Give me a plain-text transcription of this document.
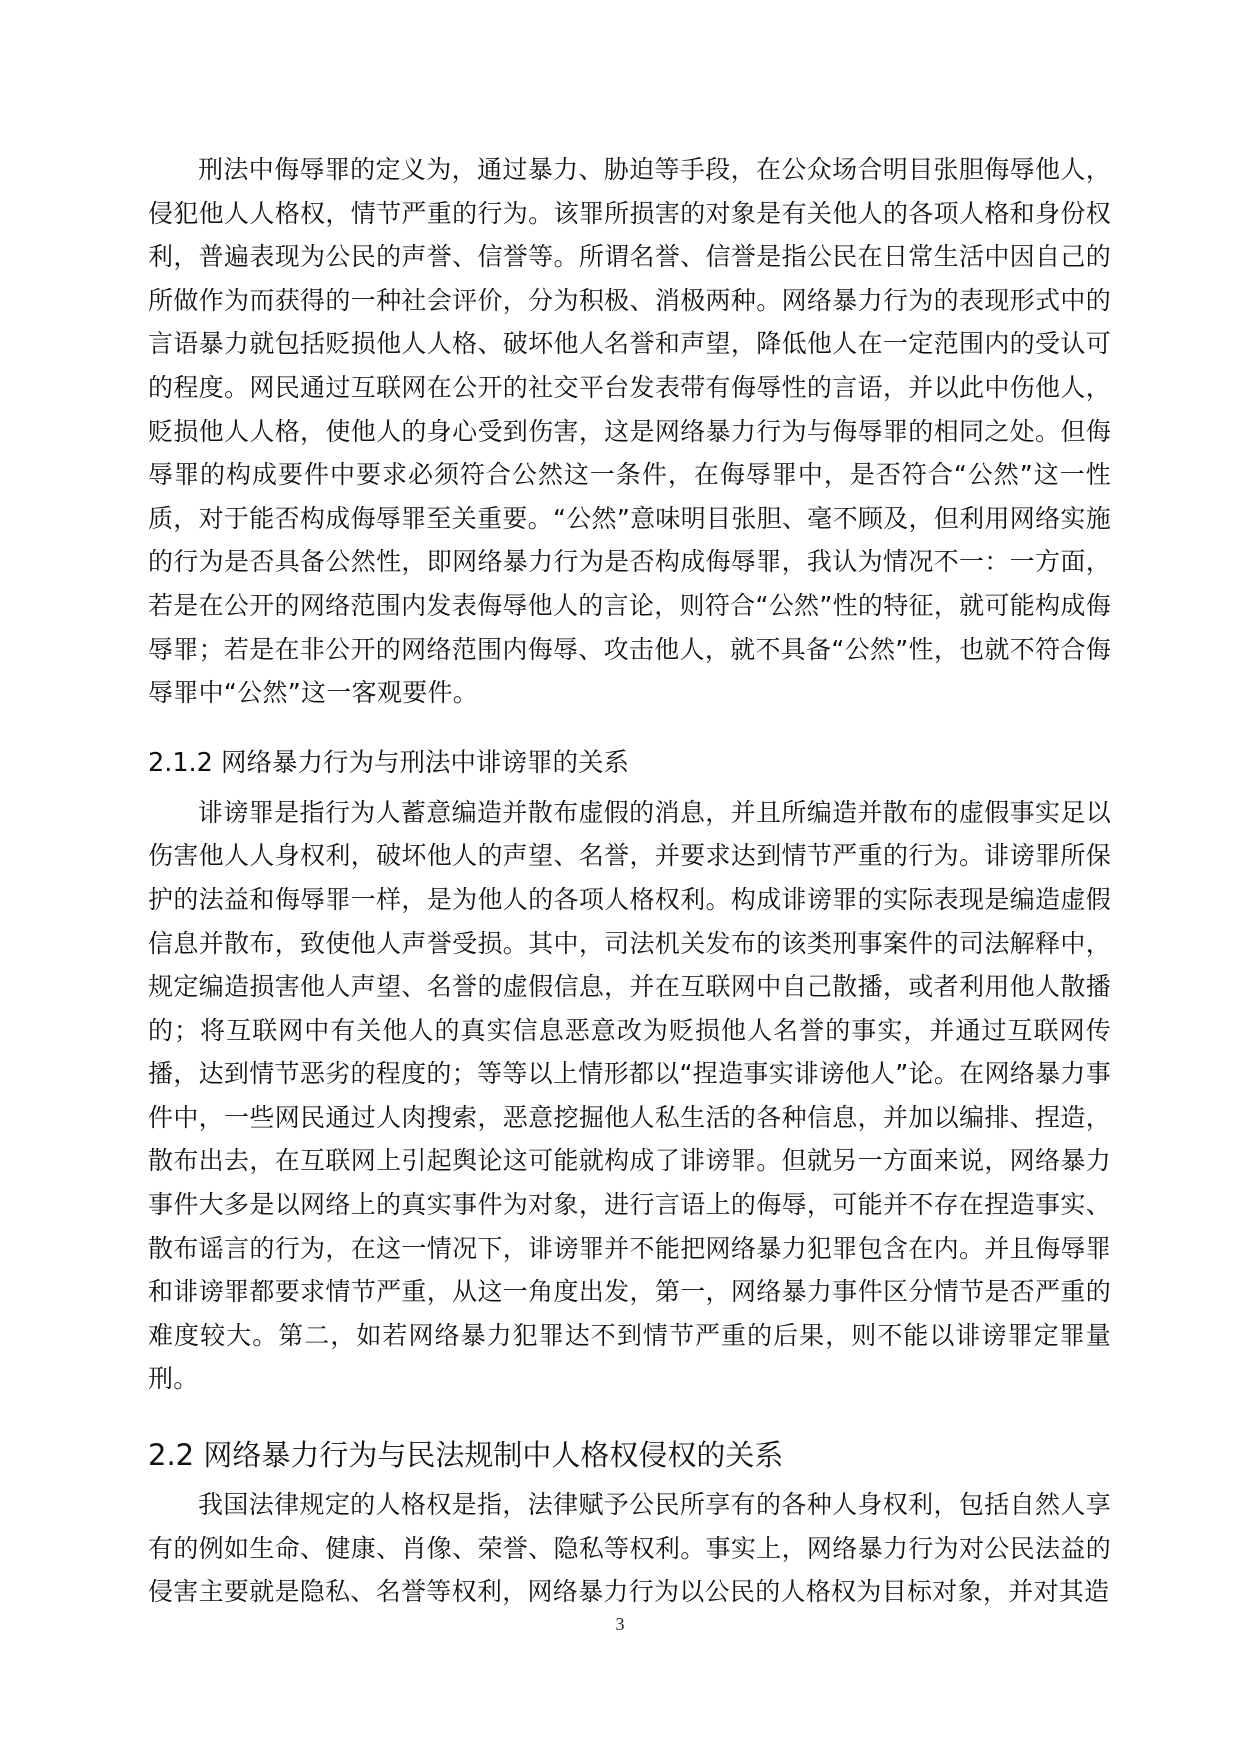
刑法中侮辱罪的定义为，通过暴力、胁迫等手段，在公众场合明目张胆侮辱他人，侵犯他人人格权，情节严重的行为。该罪所损害的对象是有关他人的各项人格和身份权利，普遍表现为公民的声誉、信誉等。所谓名誉、信誉是指公民在日常生活中因自己的所做作为而获得的一种社会评价，分为积极、消极两种。网络暴力行为的表现形式中的言语暴力就包括贬损他人人格、破坏他人名誉和声望，降低他人在一定范围内的受认可的程度。网民通过互联网在公开的社交平台发表带有侮辱性的言语，并以此中伤他人，贬损他人人格，使他人的身心受到伤害，这是网络暴力行为与侮辱罪的相同之处。但侮辱罪的构成要件中要求必须符合公然这一条件，在侮辱罪中，是否符合“公然”这一性质，对于能否构成侮辱罪至关重要。“公然”意味明目张胆、毫不顾及，但利用网络实施的行为是否具备公然性，即网络暴力行为是否构成侮辱罪，我认为情况不一：一方面，若是在公开的网络范围内发表侮辱他人的言论，则符合“公然”性的特征，就可能构成侮辱罪；若是在非公开的网络范围内侮辱、攻击他人，就不具备“公然”性，也就不符合侮辱罪中“公然”这一客观要件。

2.1.2 网络暴力行为与刑法中诽谤罪的关系

诽谤罪是指行为人蓄意编造并散布虚假的消息，并且所编造并散布的虚假事实足以伤害他人人身权利，破坏他人的声望、名誉，并要求达到情节严重的行为。诽谤罪所保护的法益和侮辱罪一样，是为他人的各项人格权利。构成诽谤罪的实际表现是编造虚假信息并散布，致使他人声誉受损。其中，司法机关发布的该类刑事案件的司法解释中，规定编造损害他人声望、名誉的虚假信息，并在互联网中自己散播，或者利用他人散播的；将互联网中有关他人的真实信息恶意改为贬损他人名誉的事实，并通过互联网传播，达到情节恶劣的程度的；等等以上情形都以“捏造事实诽谤他人”论。在网络暴力事件中，一些网民通过人肉搜索，恶意挖掘他人私生活的各种信息，并加以编排、捏造，散布出去，在互联网上引起舆论这可能就构成了诽谤罪。但就另一方面来说，网络暴力事件大多是以网络上的真实事件为对象，进行言语上的侮辱，可能并不存在捏造事实、散布谣言的行为，在这一情况下，诽谤罪并不能把网络暴力犯罪包含在内。并且侮辱罪和诽谤罪都要求情节严重，从这一角度出发，第一，网络暴力事件区分情节是否严重的难度较大。第二，如若网络暴力犯罪达不到情节严重的后果，则不能以诽谤罪定罪量刑。

2.2 网络暴力行为与民法规制中人格权侵权的关系

我国法律规定的人格权是指，法律赋予公民所享有的各种人身权利，包括自然人享有的例如生命、健康、肖像、荣誉、隐私等权利。事实上，网络暴力行为对公民法益的侵害主要就是隐私、名誉等权利，网络暴力行为以公民的人格权为目标对象，并对其造

3
